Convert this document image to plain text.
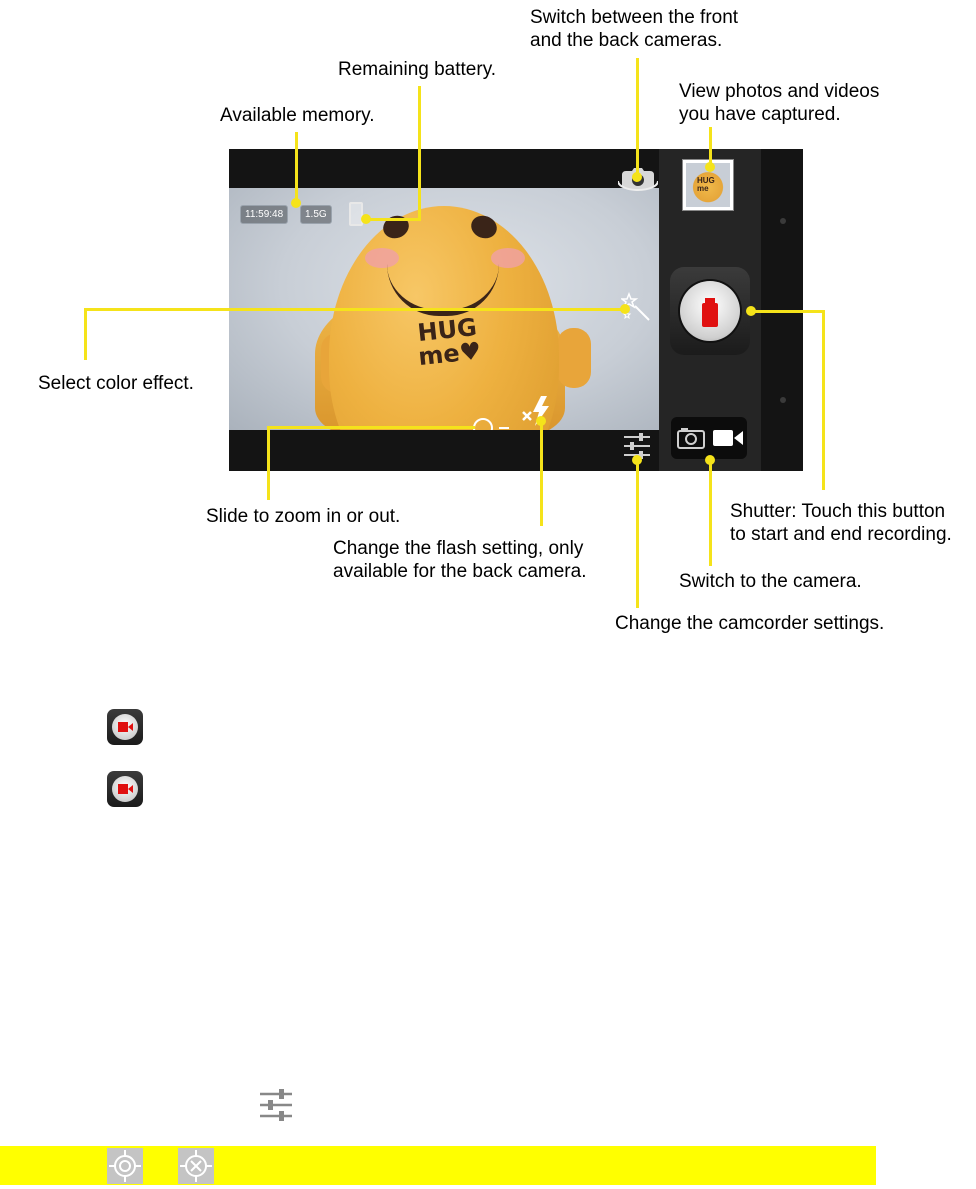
Switch between the front
and the back cameras.
Remaining battery.
Available memory.
View photos and videos
you have captured.
Select color effect.
Slide to zoom in or out.
Change the flash setting, only
available for the back camera.
Shutter: Touch this button
to start and end recording.
Switch to the camera.
Change the camcorder settings.
HUG
me♥
11:59:48	1.5G
HUG
me
